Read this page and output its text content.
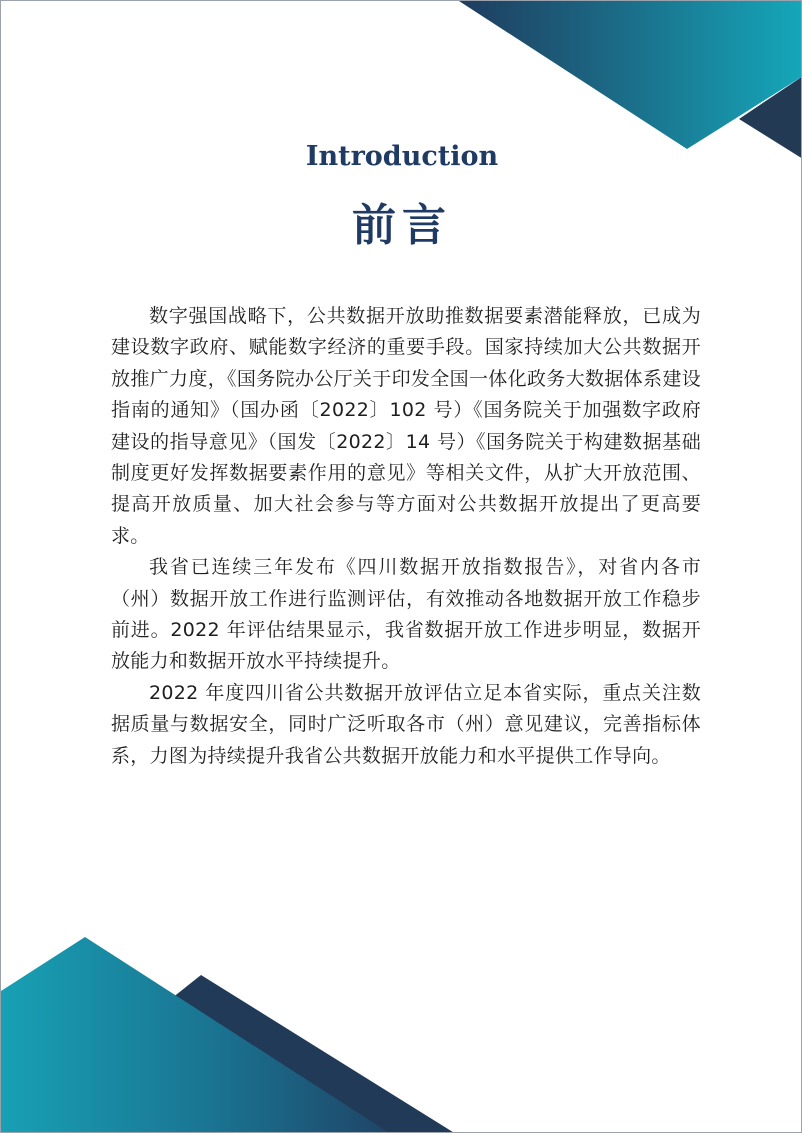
Introduction
前言

数字强国战略下，公共数据开放助推数据要素潜能释放，已成为建设数字政府、赋能数字经济的重要手段。国家持续加大公共数据开放推广力度，《国务院办公厅关于印发全国一体化政务大数据体系建设指南的通知》（国办函〔2022〕102 号）《国务院关于加强数字政府建设的指导意见》（国发〔2022〕14 号）《国务院关于构建数据基础制度更好发挥数据要素作用的意见》等相关文件，从扩大开放范围、提高开放质量、加大社会参与等方面对公共数据开放提出了更高要求。

我省已连续三年发布《四川数据开放指数报告》，对省内各市（州）数据开放工作进行监测评估，有效推动各地数据开放工作稳步前进。2022 年评估结果显示，我省数据开放工作进步明显，数据开放能力和数据开放水平持续提升。

2022 年度四川省公共数据开放评估立足本省实际，重点关注数据质量与数据安全，同时广泛听取各市（州）意见建议，完善指标体系，力图为持续提升我省公共数据开放能力和水平提供工作导向。
